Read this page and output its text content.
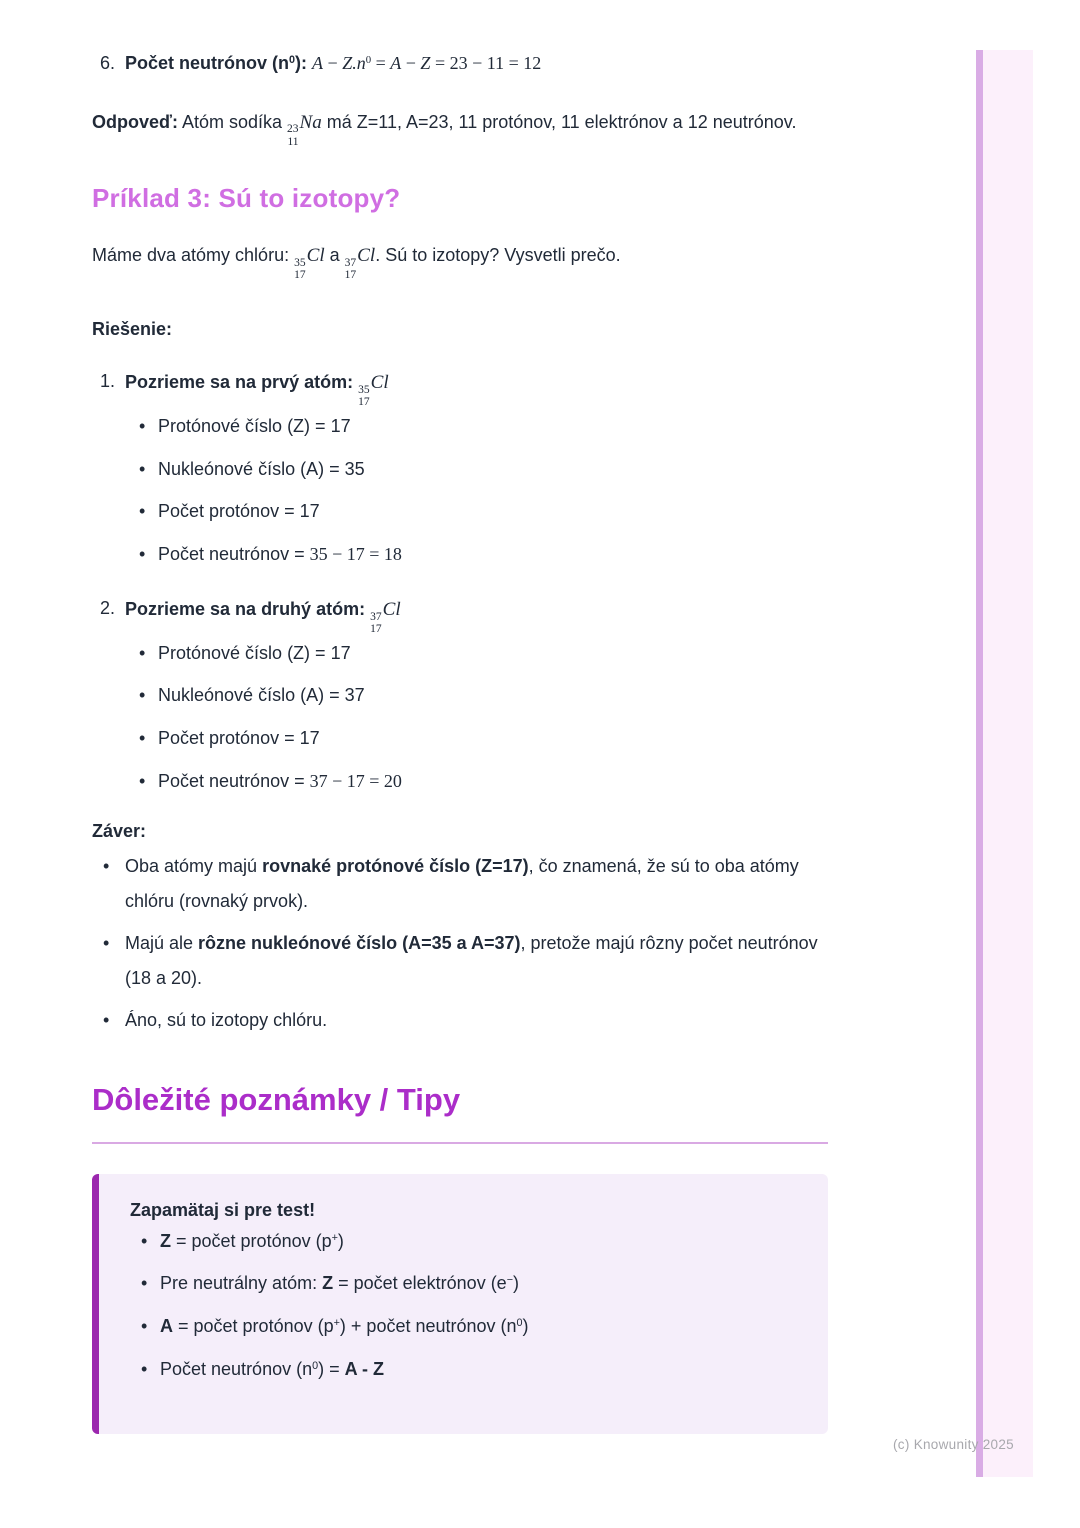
(c) Knowunity 2025
6. Počet neutrónov $(n^0)$: $A - Z.n^0 = A - Z = 23 - 11 = 12$

Odpoveď: Atóm sodíka 23
11
Na má Z=11, A=23, 11 protónov, 11 elektrónov a 12 neutrónov.

Príklad 3: Sú to izotopy?

Máme dva atómy chlóru: 35
17
Cl a 37
17
Cl. Sú to izotopy? Vysvetli prečo.

Riešenie:

1. Pozrieme sa na prvý atóm: 35
17
Cl
• Protónové číslo (Z) = 17
• Nukleónové číslo (A) = 35
• Počet protónov = 17
• Počet neutrónov = 35 − 17 = 18
2. Pozrieme sa na druhý atóm: 37
17
Cl
• Protónové číslo (Z) = 17
• Nukleónové číslo (A) = 37
• Počet protónov = 17
• Počet neutrónov = 37 − 17 = 20

Záver:

• Oba atómy majú rovnaké protónové číslo (Z=17), čo znamená, že sú to oba atómy chlóru (rovnaký prvok).
• Majú ale rôzne nukleónové číslo (A=35 a A=37), pretože majú rôzny počet neutrónov (18 a 20).
• Áno, sú to izotopy chlóru.
Dôležité poznámky / Tipy

Zapamätaj si pre test!

• Z = počet protónov (p+)
• Pre neutrálny atóm: Z = počet elektrónov (e−)
• A = počet protónov (p+) + počet neutrónov $(n^0)$
• Počet neutrónov $(n^0) = A - Z$
